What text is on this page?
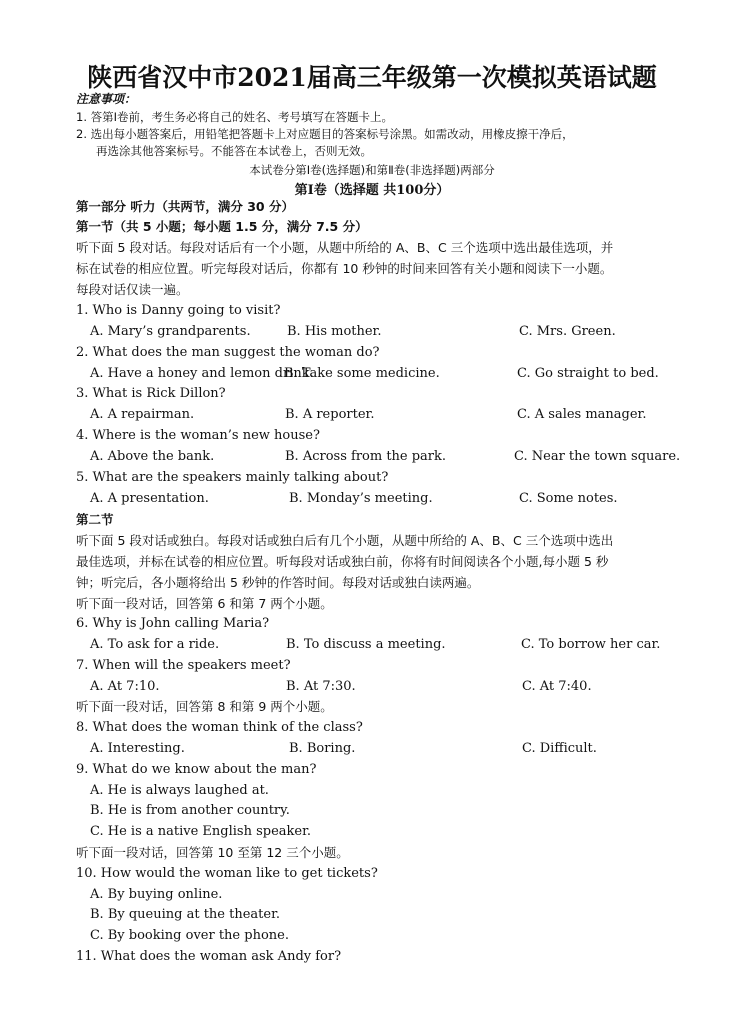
陕西省汉中市2021届高三年级第一次模拟英语试题
注意事项：
1. 答第Ⅰ卷前，考生务必将自己的姓名、考号填写在答题卡上。
2. 选出每小题答案后，用铅笔把答题卡上对应题目的答案标号涂黑。如需改动，用橡皮擦干净后，
再选涂其他答案标号。不能答在本试卷上，否则无效。
本试卷分第Ⅰ卷(选择题)和第Ⅱ卷(非选择题)两部分
第Ⅰ卷（选择题 共100分）
第一部分 听力（共两节，满分 30 分）
第一节（共 5 小题；每小题 1.5 分，满分 7.5 分）
听下面 5 段对话。每段对话后有一个小题，从题中所给的 A、B、C 三个选项中选出最佳选项，并
标在试卷的相应位置。听完每段对话后，你都有 10 秒钟的时间来回答有关小题和阅读下一小题。
每段对话仅读一遍。
1. Who is Danny going to visit?
A. Mary’s grandparents.	B. His mother.	C. Mrs. Green.
2. What does the man suggest the woman do?
A. Have a honey and lemon drink.
B. Take some medicine.	C. Go straight to bed.
3. What is Rick Dillon?
A. A repairman.	B. A reporter.	C. A sales manager.
4. Where is the woman’s new house?
A. Above the bank.	B. Across from the park.	C. Near the town square.
5. What are the speakers mainly talking about?
A. A presentation.	B. Monday’s meeting.	C. Some notes.
第二节
听下面 5 段对话或独白。每段对话或独白后有几个小题，从题中所给的 A、B、C 三个选项中选出
最佳选项，并标在试卷的相应位置。听每段对话或独白前，你将有时间阅读各个小题,每小题 5 秒
钟；听完后，各小题将给出 5 秒钟的作答时间。每段对话或独白读两遍。
听下面一段对话，回答第 6 和第 7 两个小题。
6. Why is John calling Maria?
A. To ask for a ride.	B. To discuss a meeting.	C. To borrow her car.
7. When will the speakers meet?
A. At 7:10.	B. At 7:30.	C. At 7:40.
听下面一段对话，回答第 8 和第 9 两个小题。
8. What does the woman think of the class?
A. Interesting.	B. Boring.	C. Difficult.
9. What do we know about the man?
A. He is always laughed at.
B. He is from another country.
C. He is a native English speaker.
听下面一段对话，回答第 10 至第 12 三个小题。
10. How would the woman like to get tickets?
A. By buying online.
B. By queuing at the theater.
C. By booking over the phone.
11. What does the woman ask Andy for?
